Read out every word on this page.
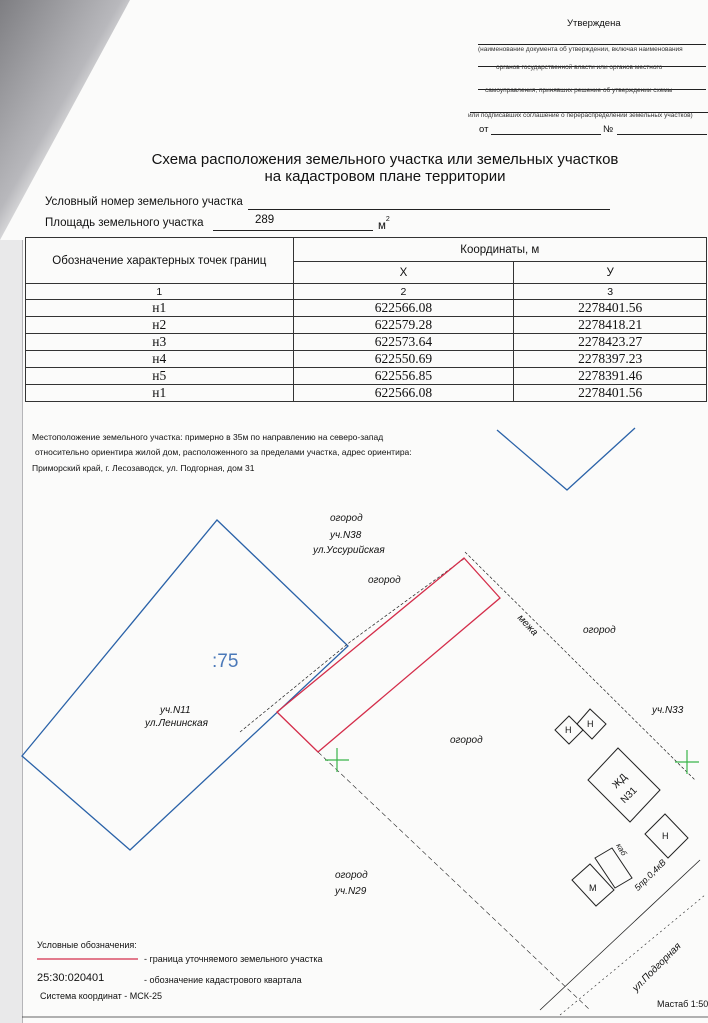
Утверждена
(наименование документа об утверждении, включая наименования
органов государственной власти или органов местного
самоуправления, принявших решение об утверждении схемы
или подписавших соглашение о перераспределении земельных участков)
от	№
Схема расположения земельного участка или земельных участков
на кадастровом плане территории
Условный номер земельного участка
Площадь земельного участка	289	$м^2$
Обозначение характерных точек границ	Координаты, м	
	X	У
1	2	3
н1	622566.08	2278401.56
н2	622579.28	2278418.21
н3	622573.64	2278423.27
н4	622550.69	2278397.23
н5	622556.85	2278391.46
н1	622566.08	2278401.56
Местоположение земельного участка: примерно в 35м по направлению на северо-запад
относительно ориентира жилой дом, расположенного за пределами участка, адрес ориентира:
Приморский край, г. Лесозаводск, ул. Подгорная, дом 31
:75
огород
уч.N38
ул.Уссурийская
огород
межа	огород
уч.N11
ул.Ленинская
огород
уч.N33
Н
Н
ЖД
N31
каб
Н
М	5пр.0,4кВ
огород
уч.N29
ул.Подгорная
Условные обозначения:
- граница уточняемого земельного участка
25:30:020401	- обозначение кадастрового квартала
Система координат - МСК-25
Мастаб 1:50
